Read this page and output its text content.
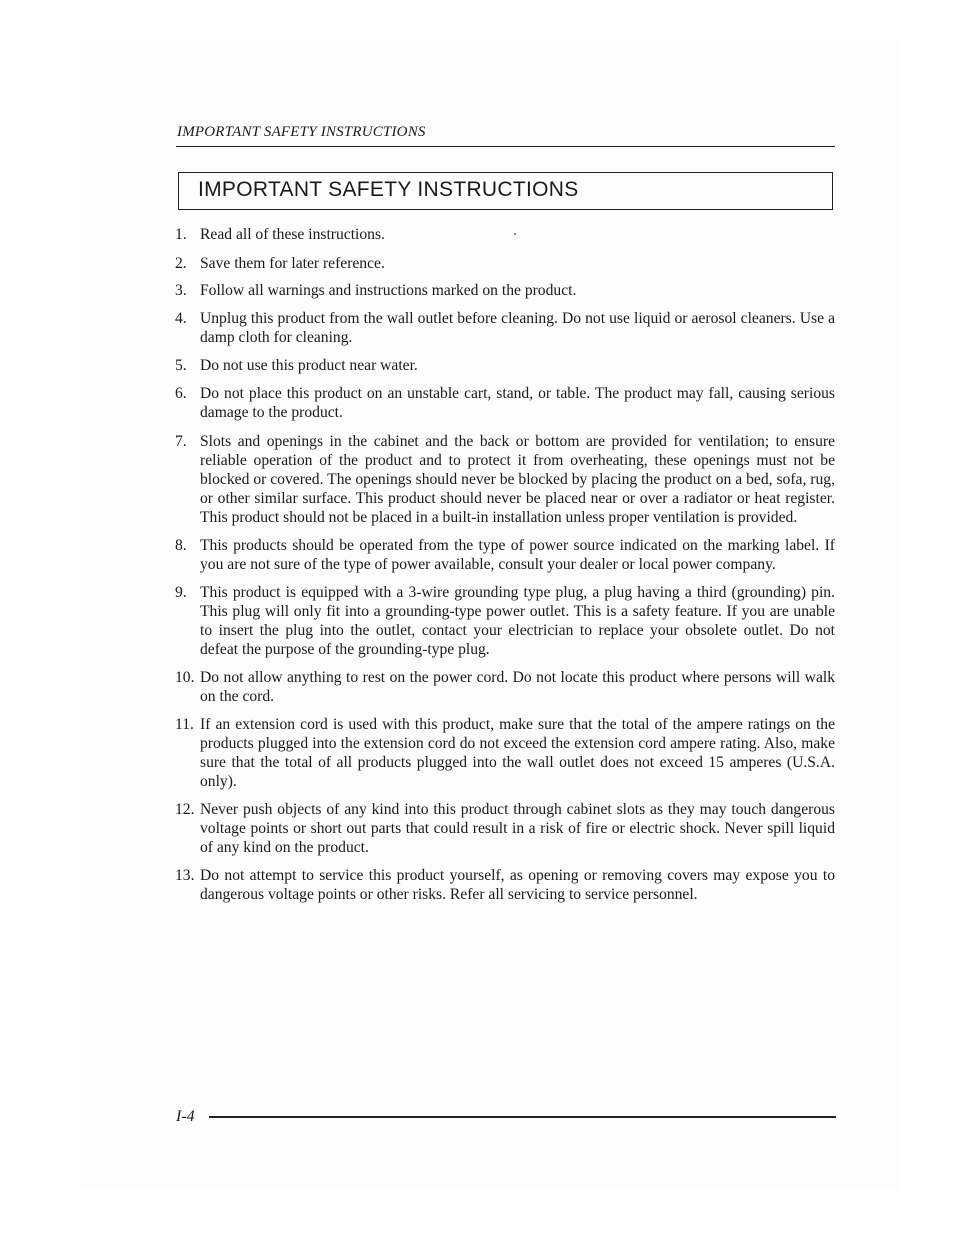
IMPORTANT SAFETY INSTRUCTIONS
IMPORTANT SAFETY INSTRUCTIONS
1. Read all of these instructions.
2. Save them for later reference.
3. Follow all warnings and instructions marked on the product.
4. Unplug this product from the wall outlet before cleaning. Do not use liquid or aerosol cleaners. Use a damp cloth for cleaning.
5. Do not use this product near water.
6. Do not place this product on an unstable cart, stand, or table. The product may fall, causing serious damage to the product.
7. Slots and openings in the cabinet and the back or bottom are provided for ventilation; to ensure reliable operation of the product and to protect it from overheating, these openings must not be blocked or covered. The openings should never be blocked by placing the product on a bed, sofa, rug, or other similar surface. This product should never be placed near or over a radiator or heat register. This product should not be placed in a built-in installation unless proper ventilation is provided.
8. This products should be operated from the type of power source indicated on the marking label. If you are not sure of the type of power available, consult your dealer or local power company.
9. This product is equipped with a 3-wire grounding type plug, a plug having a third (grounding) pin. This plug will only fit into a grounding-type power outlet. This is a safety feature. If you are unable to insert the plug into the outlet, contact your electrician to replace your obsolete outlet. Do not defeat the purpose of the grounding-type plug.
10. Do not allow anything to rest on the power cord. Do not locate this product where persons will walk on the cord.
11. If an extension cord is used with this product, make sure that the total of the ampere ratings on the products plugged into the extension cord do not exceed the extension cord ampere rating. Also, make sure that the total of all products plugged into the wall outlet does not exceed 15 amperes (U.S.A. only).
12. Never push objects of any kind into this product through cabinet slots as they may touch dangerous voltage points or short out parts that could result in a risk of fire or electric shock. Never spill liquid of any kind on the product.
13. Do not attempt to service this product yourself, as opening or removing covers may expose you to dangerous voltage points or other risks. Refer all servicing to service personnel.
I-4
